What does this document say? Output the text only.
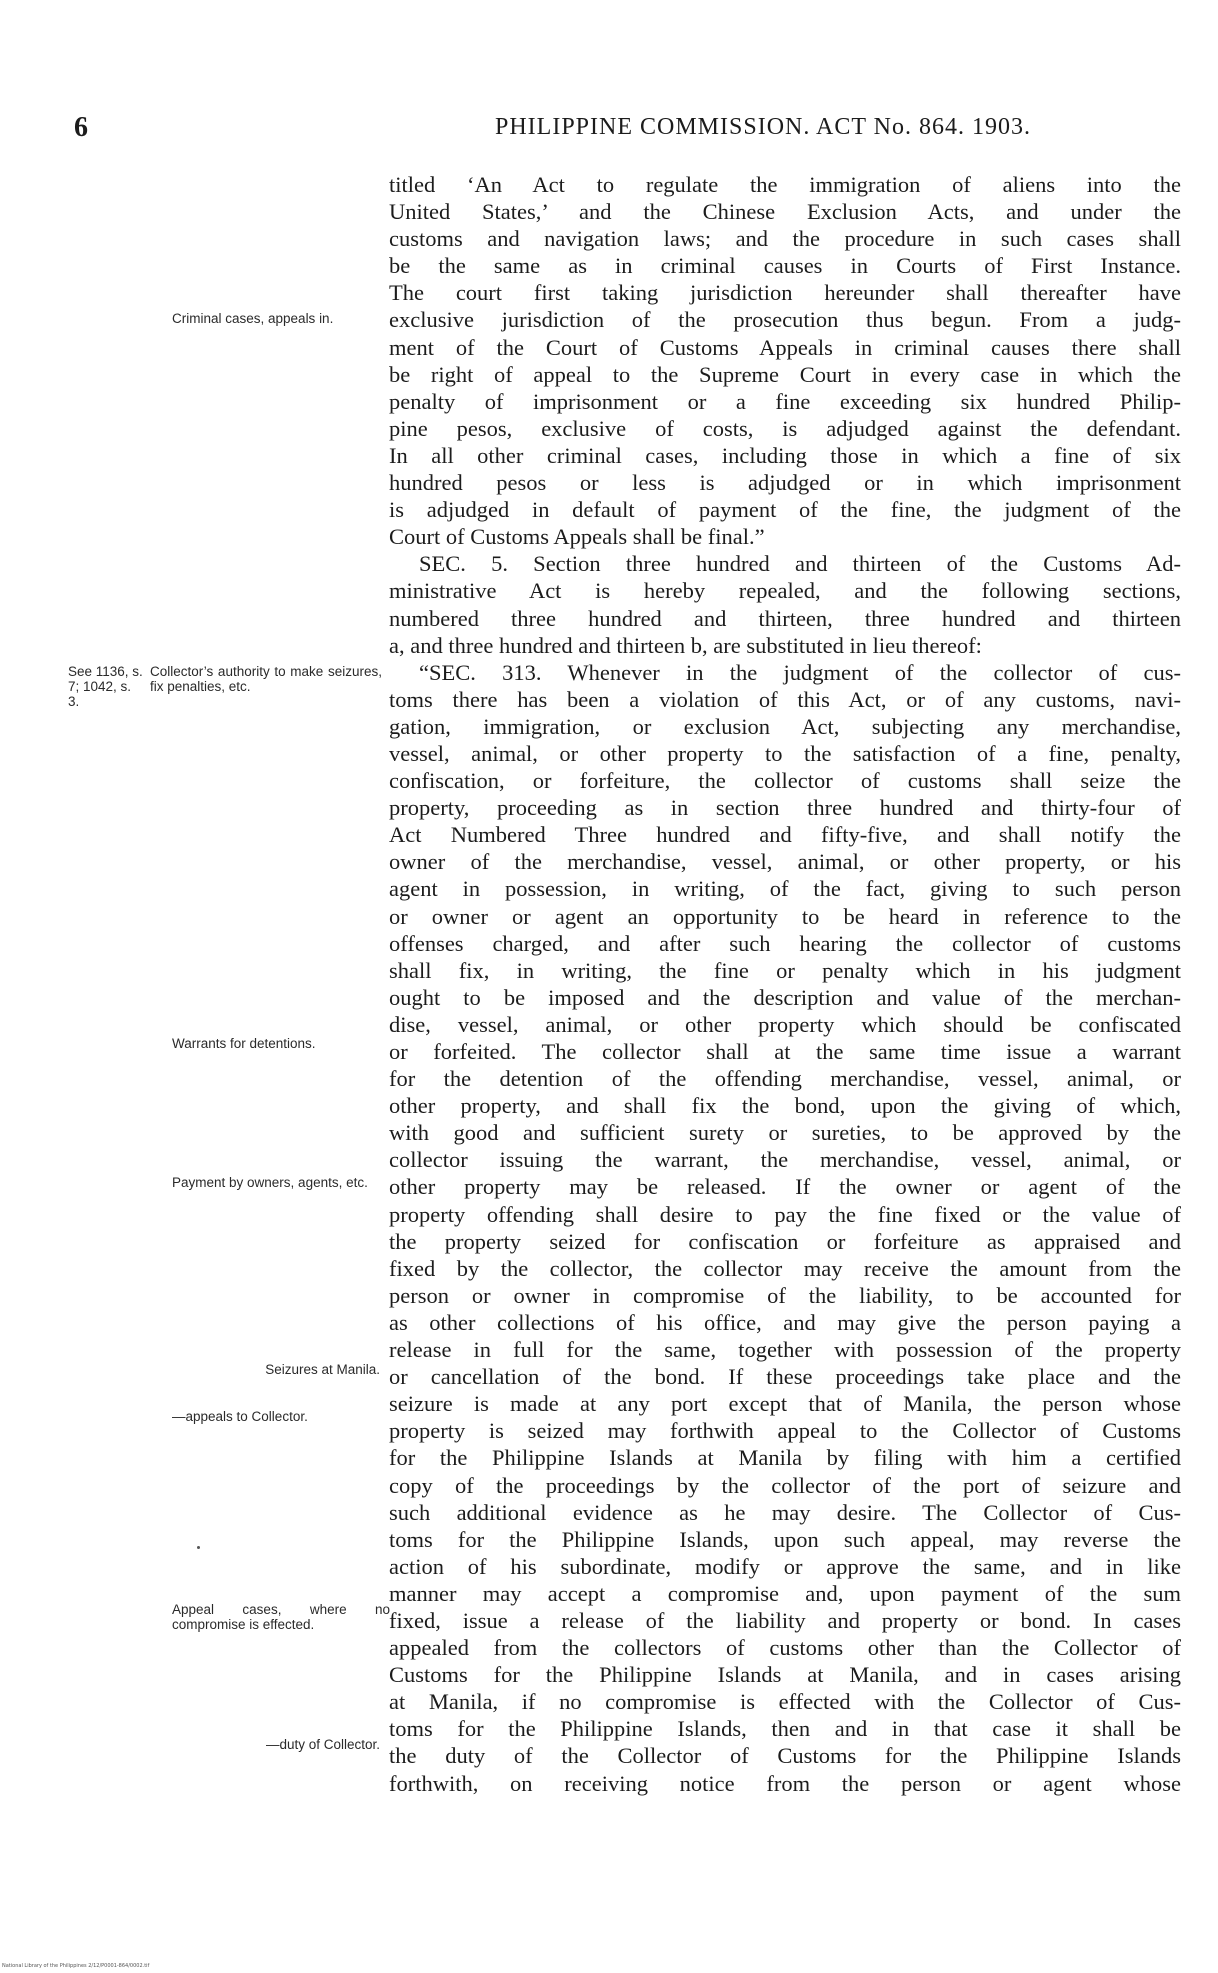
6	PHILIPPINE COMMISSION. ACT No. 864. 1903.
titled ‘An Act to regulate the immigration of aliens into the
United States,’ and the Chinese Exclusion Acts, and under the
customs and navigation laws; and the procedure in such cases shall
be the same as in criminal causes in Courts of First Instance.
The court first taking jurisdiction hereunder shall thereafter have
exclusive jurisdiction of the prosecution thus begun. From a judg-
ment of the Court of Customs Appeals in criminal causes there shall
be right of appeal to the Supreme Court in every case in which the
penalty of imprisonment or a fine exceeding six hundred Philip-
pine pesos, exclusive of costs, is adjudged against the defendant.
In all other criminal cases, including those in which a fine of six
hundred pesos or less is adjudged or in which imprisonment
is adjudged in default of payment of the fine, the judgment of the
Court of Customs Appeals shall be final.”
SEC. 5. Section three hundred and thirteen of the Customs Ad-
ministrative Act is hereby repealed, and the following sections,
numbered three hundred and thirteen, three hundred and thirteen
a, and three hundred and thirteen b, are substituted in lieu thereof:
“SEC. 313. Whenever in the judgment of the collector of cus-
toms there has been a violation of this Act, or of any customs, navi-
gation, immigration, or exclusion Act, subjecting any merchandise,
vessel, animal, or other property to the satisfaction of a fine, penalty,
confiscation, or forfeiture, the collector of customs shall seize the
property, proceeding as in section three hundred and thirty-four of
Act Numbered Three hundred and fifty-five, and shall notify the
owner of the merchandise, vessel, animal, or other property, or his
agent in possession, in writing, of the fact, giving to such person
or owner or agent an opportunity to be heard in reference to the
offenses charged, and after such hearing the collector of customs
shall fix, in writing, the fine or penalty which in his judgment
ought to be imposed and the description and value of the merchan-
dise, vessel, animal, or other property which should be confiscated
or forfeited. The collector shall at the same time issue a warrant
for the detention of the offending merchandise, vessel, animal, or
other property, and shall fix the bond, upon the giving of which,
with good and sufficient surety or sureties, to be approved by the
collector issuing the warrant, the merchandise, vessel, animal, or
other property may be released. If the owner or agent of the
property offending shall desire to pay the fine fixed or the value of
the property seized for confiscation or forfeiture as appraised and
fixed by the collector, the collector may receive the amount from the
person or owner in compromise of the liability, to be accounted for
as other collections of his office, and may give the person paying a
release in full for the same, together with possession of the property
or cancellation of the bond. If these proceedings take place and the
seizure is made at any port except that of Manila, the person whose
property is seized may forthwith appeal to the Collector of Customs
for the Philippine Islands at Manila by filing with him a certified
copy of the proceedings by the collector of the port of seizure and
such additional evidence as he may desire. The Collector of Cus-
toms for the Philippine Islands, upon such appeal, may reverse the
action of his subordinate, modify or approve the same, and in like
manner may accept a compromise and, upon payment of the sum
fixed, issue a release of the liability and property or bond. In cases
appealed from the collectors of customs other than the Collector of
Customs for the Philippine Islands at Manila, and in cases arising
at Manila, if no compromise is effected with the Collector of Cus-
toms for the Philippine Islands, then and in that case it shall be
the duty of the Collector of Customs for the Philippine Islands
forthwith, on receiving notice from the person or agent whose
Criminal cases, appeals in.
See 1136, s. 7; 1042, s. 3.
Collector’s authority to make seizures, fix penalties, etc.
Warrants for detentions.
Payment by owners, agents, etc.
Seizures at Manila.
—appeals to Collector.
Appeal cases, where no compromise is effected.
—duty of Collector.
National Library of the Philippines 2/12/P0001-864/0002.tif
